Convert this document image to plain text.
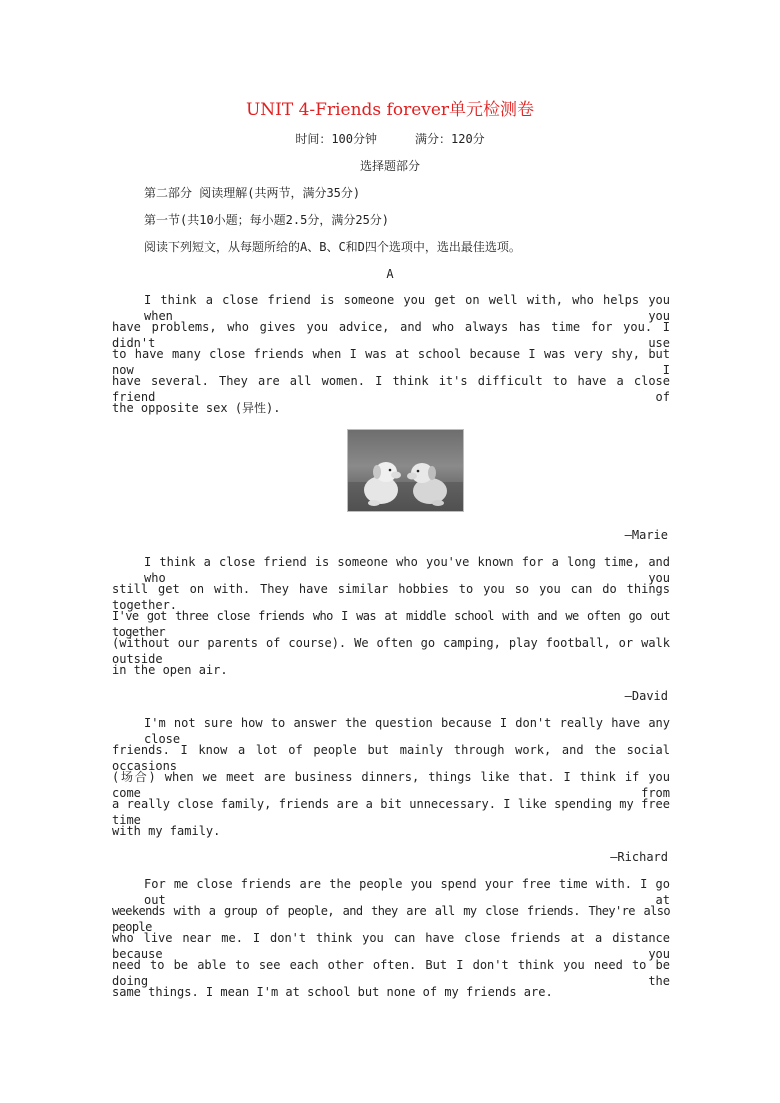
UNIT 4-Friends forever单元检测卷
时间：100分钟	满分：120分
选择题部分
第二部分 阅读理解(共两节，满分35分)
第一节(共10小题；每小题2.5分，满分25分)
阅读下列短文，从每题所给的A、B、C和D四个选项中，选出最佳选项。
A
I think a close friend is someone you get on well with, who helps you when you
have problems, who gives you advice, and who always has time for you. I didn't use
to have many close friends when I was at school because I was very shy, but now I
have several. They are all women. I think it's difficult to have a close friend of
the opposite sex (异性).
—Marie
I think a close friend is someone who you've known for a long time, and who you
still get on with. They have similar hobbies to you so you can do things together.
I've got three close friends who I was at middle school with and we often go out together
(without our parents of course). We often go camping, play football, or walk outside
in the open air.
—David
I'm not sure how to answer the question because I don't really have any close
friends. I know a lot of people but mainly through work, and the social occasions
(场合) when we meet are business dinners, things like that. I think if you come from
a really close family, friends are a bit unnecessary. I like spending my free time
with my family.
—Richard
For me close friends are the people you spend your free time with. I go out at
weekends with a group of people, and they are all my close friends. They're also people
who live near me. I don't think you can have close friends at a distance because you
need to be able to see each other often. But I don't think you need to be doing the
same things. I mean I'm at school but none of my friends are.
